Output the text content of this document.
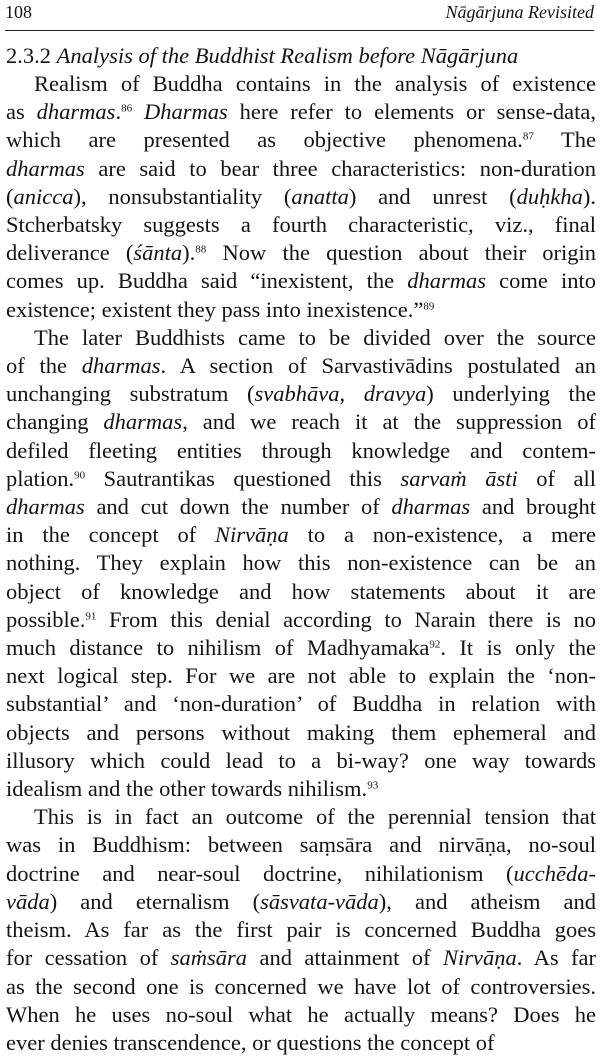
108	Nāgārjuna Revisited
2.3.2 Analysis of the Buddhist Realism before Nāgārjuna
Realism of Buddha contains in the analysis of existence
as dharmas.$^{86}$ Dharmas here refer to elements or sense-data,
which are presented as objective phenomena.$^{87}$ The
dharmas are said to bear three characteristics: non-duration
(anicca), nonsubstantiality (anatta) and unrest (duḥkha).
Stcherbatsky suggests a fourth characteristic, viz., final
deliverance (śānta).$^{88}$ Now the question about their origin
comes up. Buddha said “inexistent, the dharmas come into
existence; existent they pass into inexistence.”$^{89}$
The later Buddhists came to be divided over the source
of the dharmas. A section of Sarvastivādins postulated an
unchanging substratum (svabhāva, dravya) underlying the
changing dharmas, and we reach it at the suppression of
defiled fleeting entities through knowledge and contem-
plation.$^{90}$ Sautrantikas questioned this sarvaṁ āsti of all
dharmas and cut down the number of dharmas and brought
in the concept of Nirvāṇa to a non-existence, a mere
nothing. They explain how this non-existence can be an
object of knowledge and how statements about it are
possible.$^{91}$ From this denial according to Narain there is no
much distance to nihilism of Madhyamaka$^{92}$. It is only the
next logical step. For we are not able to explain the ‘non-
substantial’ and ‘non-duration’ of Buddha in relation with
objects and persons without making them ephemeral and
illusory which could lead to a bi-way? one way towards
idealism and the other towards nihilism.$^{93}$
This is in fact an outcome of the perennial tension that
was in Buddhism: between saṃsāra and nirvāṇa, no-soul
doctrine and near-soul doctrine, nihilationism (ucchēda-
vāda) and eternalism (sāsvata-vāda), and atheism and
theism. As far as the first pair is concerned Buddha goes
for cessation of saṁsāra and attainment of Nirvāṇa. As far
as the second one is concerned we have lot of controversies.
When he uses no-soul what he actually means? Does he
ever denies transcendence, or questions the concept of
